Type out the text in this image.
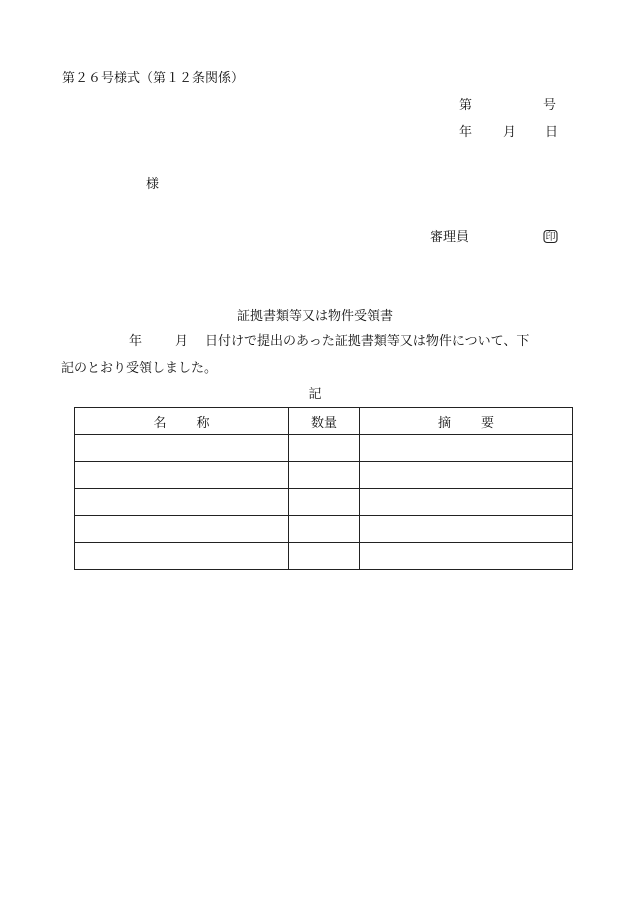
第２６号様式（第１２条関係）
第	号
年 月 日
様
審理員	印
証拠書類等又は物件受領書
年	月 日付けで提出のあった証拠書類等又は物件について、下
記のとおり受領しました。
記
名 称	数量	摘 要
